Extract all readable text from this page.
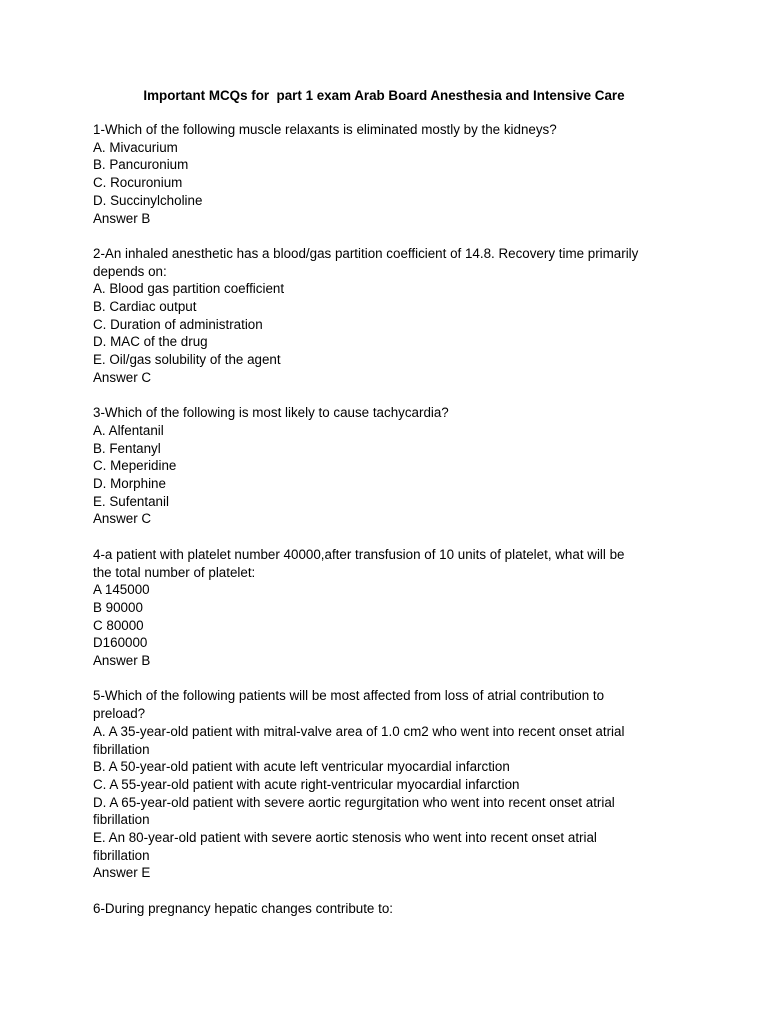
Important MCQs for  part 1 exam Arab Board Anesthesia and Intensive Care
1-Which of the following muscle relaxants is eliminated mostly by the kidneys?
A. Mivacurium
B. Pancuronium
C. Rocuronium
D. Succinylcholine
Answer B
2-An inhaled anesthetic has a blood/gas partition coefficient of 14.8. Recovery time primarily
depends on:
A. Blood gas partition coefficient
B. Cardiac output
C. Duration of administration
D. MAC of the drug
E. Oil/gas solubility of the agent
Answer C
3-Which of the following is most likely to cause tachycardia?
A. Alfentanil
B. Fentanyl
C. Meperidine
D. Morphine
E. Sufentanil
Answer C
4-a patient with platelet number 40000,after transfusion of 10 units of platelet, what will be
the total number of platelet:
A 145000
B 90000
C 80000
D160000
Answer B
5-Which of the following patients will be most affected from loss of atrial contribution to
preload?
A. A 35-year-old patient with mitral-valve area of 1.0 cm2 who went into recent onset atrial
fibrillation
B. A 50-year-old patient with acute left ventricular myocardial infarction
C. A 55-year-old patient with acute right-ventricular myocardial infarction
D. A 65-year-old patient with severe aortic regurgitation who went into recent onset atrial
fibrillation
E. An 80-year-old patient with severe aortic stenosis who went into recent onset atrial
fibrillation
Answer E
6-During pregnancy hepatic changes contribute to:
